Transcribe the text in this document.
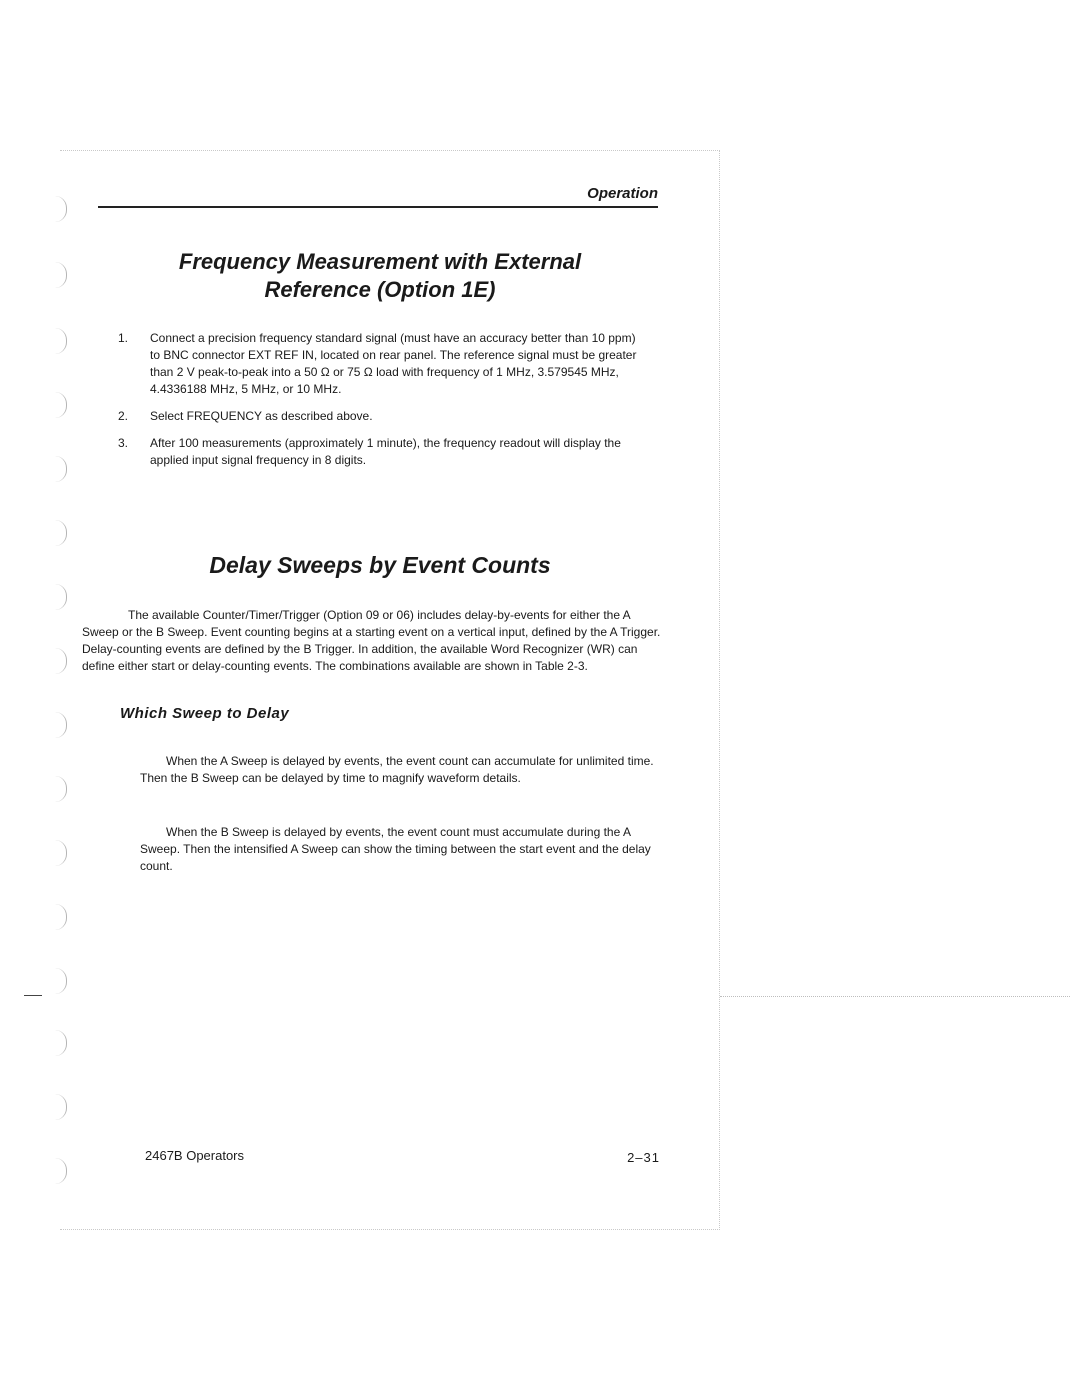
Operation
Frequency Measurement with External
Reference (Option 1E)
1. Connect a precision frequency standard signal (must have an accuracy better than 10 ppm) to BNC connector EXT REF IN, located on rear panel. The reference signal must be greater than 2 V peak-to-peak into a 50 Ω or 75 Ω load with frequency of 1 MHz, 3.579545 MHz, 4.4336188 MHz, 5 MHz, or 10 MHz.
2. Select FREQUENCY as described above.
3. After 100 measurements (approximately 1 minute), the frequency readout will display the applied input signal frequency in 8 digits.
Delay Sweeps by Event Counts

The available Counter/Timer/Trigger (Option 09 or 06) includes delay-by-events for either the A Sweep or the B Sweep. Event counting begins at a starting event on a vertical input, defined by the A Trigger. Delay-counting events are defined by the B Trigger. In addition, the available Word Recognizer (WR) can define either start or delay-counting events. The combinations available are shown in Table 2-3.

Which Sweep to Delay

When the A Sweep is delayed by events, the event count can accumulate for unlimited time. Then the B Sweep can be delayed by time to magnify waveform details.

When the B Sweep is delayed by events, the event count must accumulate during the A Sweep. Then the intensified A Sweep can show the timing between the start event and the delay count.

2467B Operators	2–31
